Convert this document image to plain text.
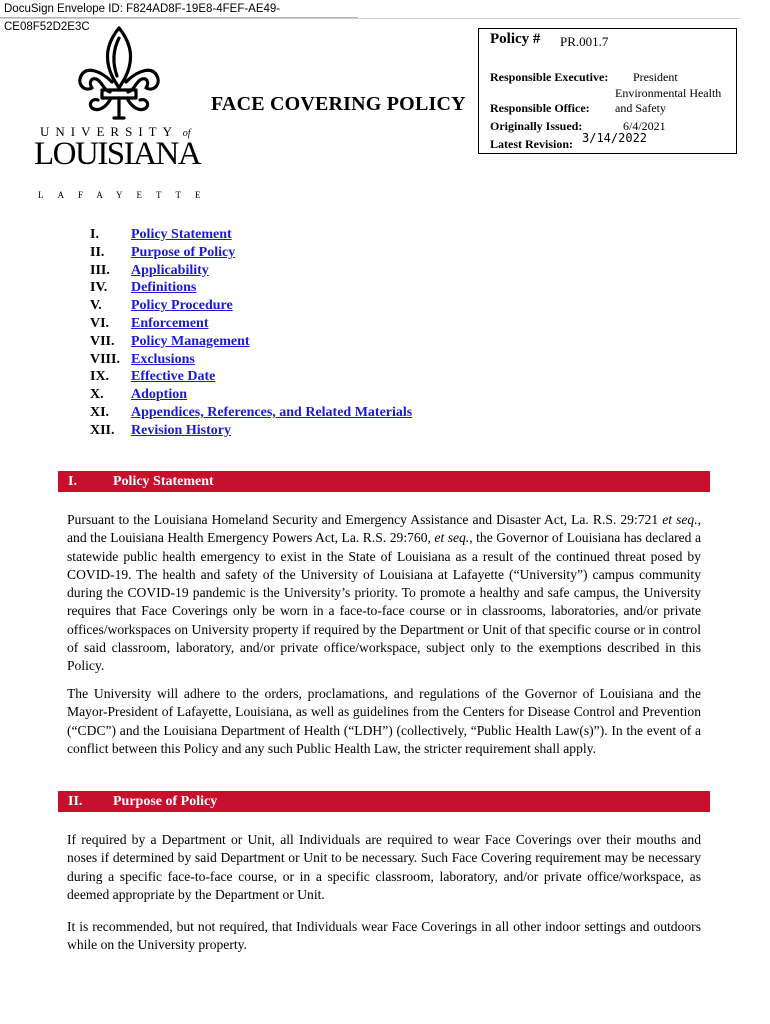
DocuSign Envelope ID: F824AD8F-19E8-4FEF-AE49-CE08F52D2E3C
UNIVERSITY of
LOUISIANA
LAFAYETTE
FACE COVERING POLICY
Policy # PR.001.7
Responsible Executive: President
Environmental Health
Responsible Office: and Safety
Originally Issued:	6/4/2021
Latest Revision: 3/14/2022
I. Policy Statement
II. Purpose of Policy
III. Applicability
IV. Definitions
V. Policy Procedure
VI. Enforcement
VII. Policy Management
VIII. Exclusions
IX. Effective Date
X. Adoption
XI. Appendices, References, and Related Materials
XII. Revision History
I.	Policy Statement

Pursuant to the Louisiana Homeland Security and Emergency Assistance and Disaster Act, La. R.S. 29:721 et seq., and the Louisiana Health Emergency Powers Act, La. R.S. 29:760, et seq., the Governor of Louisiana has declared a statewide public health emergency to exist in the State of Louisiana as a result of the continued threat posed by COVID-19. The health and safety of the University of Louisiana at Lafayette (“University”) campus community during the COVID-19 pandemic is the University’s priority. To promote a healthy and safe campus, the University requires that Face Coverings only be worn in a face-to-face course or in classrooms, laboratories, and/or private offices/workspaces on University property if required by the Department or Unit of that specific course or in control of said classroom, laboratory, and/or private office/workspace, subject only to the exemptions described in this Policy.

The University will adhere to the orders, proclamations, and regulations of the Governor of Louisiana and the Mayor-President of Lafayette, Louisiana, as well as guidelines from the Centers for Disease Control and Prevention (“CDC”) and the Louisiana Department of Health (“LDH”) (collectively, “Public Health Law(s)”). In the event of a conflict between this Policy and any such Public Health Law, the stricter requirement shall apply.

II. Purpose of Policy

If required by a Department or Unit, all Individuals are required to wear Face Coverings over their mouths and noses if determined by said Department or Unit to be necessary. Such Face Covering requirement may be necessary during a specific face-to-face course, or in a specific classroom, laboratory, and/or private office/workspace, as deemed appropriate by the Department or Unit.

It is recommended, but not required, that Individuals wear Face Coverings in all other indoor settings and outdoors while on the University property.
